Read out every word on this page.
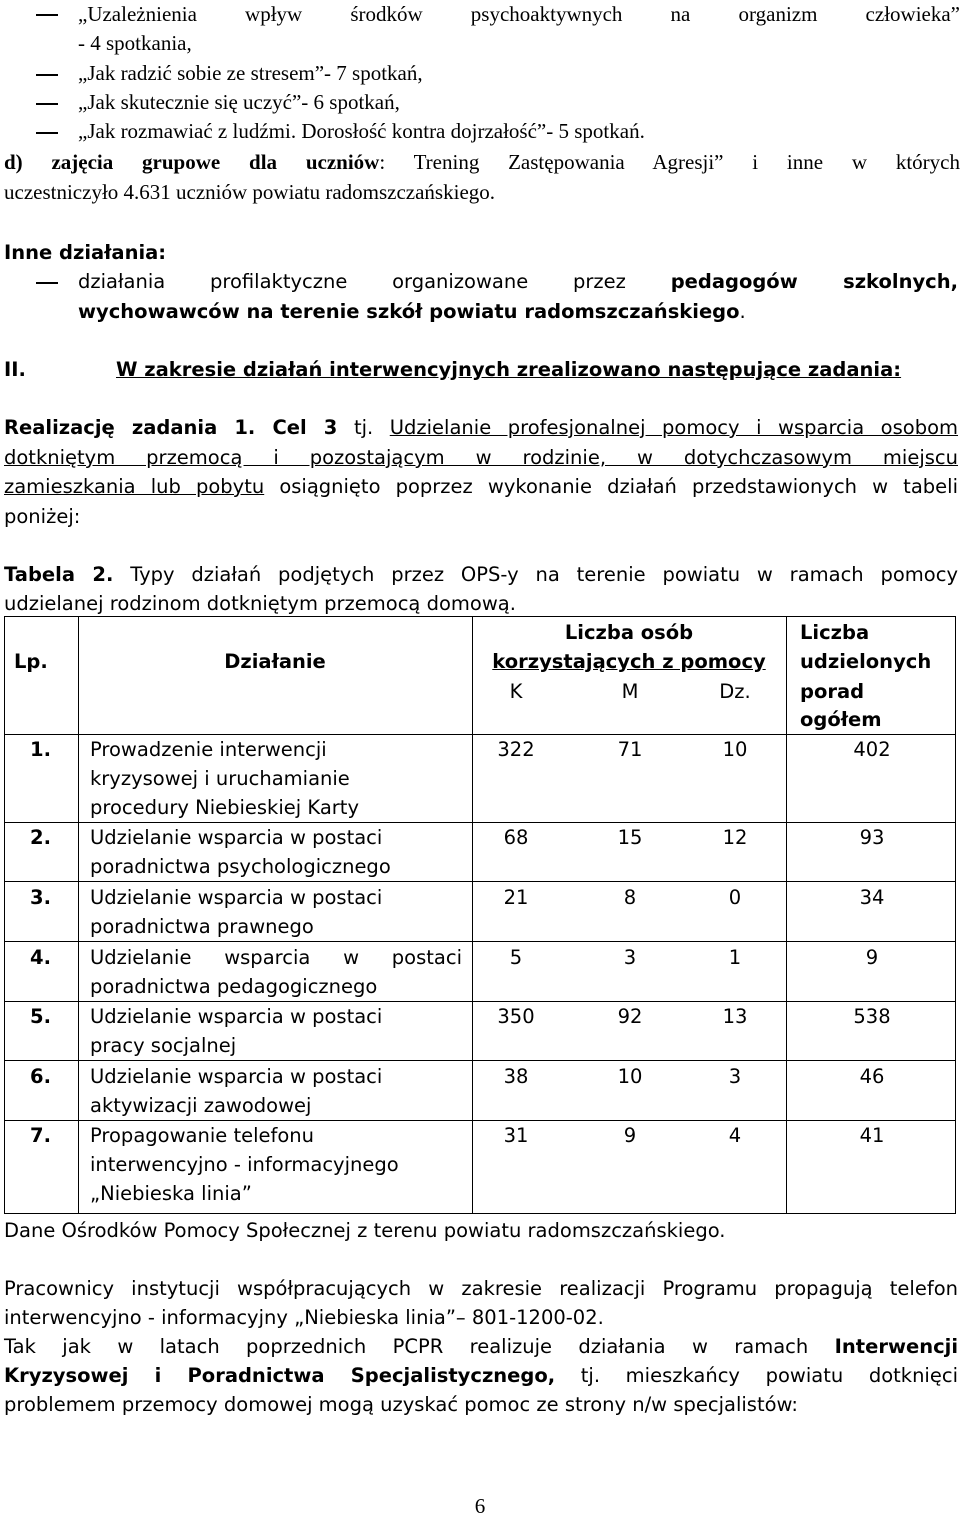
„Uzależnienia wpływ środków psychoaktywnych na organizm człowieka”
- 4 spotkania,
„Jak radzić sobie ze stresem”- 7 spotkań,
„Jak skutecznie się uczyć”- 6 spotkań,
„Jak rozmawiać z ludźmi. Dorosłość kontra dojrzałość”- 5 spotkań.
d) zajęcia grupowe dla uczniów: Trening Zastępowania Agresji” i inne w których
uczestniczyło 4.631 uczniów powiatu radomszczańskiego.
Inne działania:
działania profilaktyczne organizowane przez pedagogów szkolnych,
wychowawców na terenie szkół powiatu radomszczańskiego.
II.	W zakresie działań interwencyjnych zrealizowano następujące zadania:
Realizację zadania 1. Cel 3 tj. Udzielanie profesjonalnej pomocy i wsparcia osobom
dotkniętym przemocą i pozostającym w rodzinie, w dotychczasowym miejscu
zamieszkania lub pobytu osiągnięto poprzez wykonanie działań przedstawionych w tabeli
poniżej:
Tabela 2. Typy działań podjętych przez OPS-y na terenie powiatu w ramach pomocy
udzielanej rodzinom dotkniętym przemocą domową.
Lp.	Działanie
Liczba osób
korzystających z pomocy
K	M	Dz.
Liczba
udzielonych
porad
ogółem
1. Prowadzenie interwencji
kryzysowej i uruchamianie
procedury Niebieskiej Karty
322	71	10	402
2. Udzielanie wsparcia w postaci
poradnictwa psychologicznego
68	15	12	93
3. Udzielanie wsparcia w postaci
poradnictwa prawnego
21	8	0	34
4. Udzielanie wsparcia w postaci
poradnictwa pedagogicznego
5	3	1	9
5. Udzielanie wsparcia w postaci
pracy socjalnej
350	92	13	538
6. Udzielanie wsparcia w postaci
aktywizacji zawodowej
38	10	3	46
7. Propagowanie telefonu
interwencyjno - informacyjnego
„Niebieska linia”
31	9	4	41
Dane Ośrodków Pomocy Społecznej z terenu powiatu radomszczańskiego.
Pracownicy instytucji współpracujących w zakresie realizacji Programu propagują telefon
interwencyjno - informacyjny „Niebieska linia”– 801-1200-02.
Tak jak w latach poprzednich PCPR realizuje działania w ramach Interwencji
Kryzysowej i Poradnictwa Specjalistycznego, tj. mieszkańcy powiatu dotknięci
problemem przemocy domowej mogą uzyskać pomoc ze strony n/w specjalistów:
6
